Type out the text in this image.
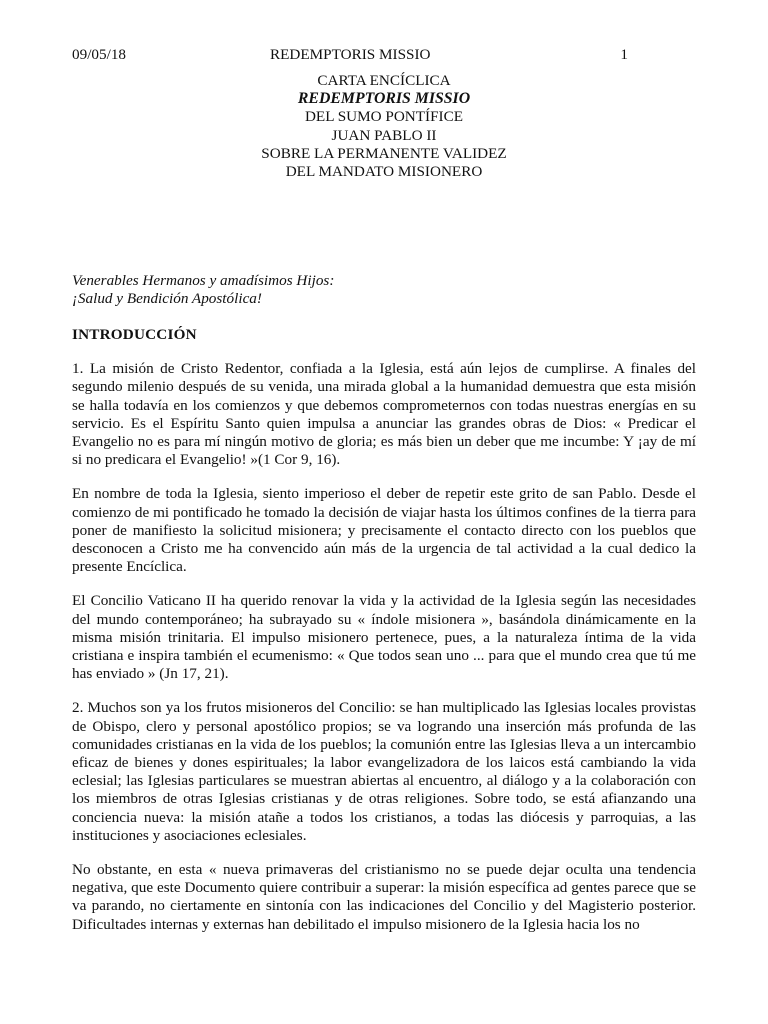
09/05/18	REDEMPTORIS MISSIO	1
CARTA ENCÍCLICA
REDEMPTORIS MISSIO
DEL SUMO PONTÍFICE
JUAN PABLO II
SOBRE LA PERMANENTE VALIDEZ
DEL MANDATO MISIONERO
Venerables Hermanos y amadísimos Hijos:
¡Salud y Bendición Apostólica!
INTRODUCCIÓN

1. La misión de Cristo Redentor, confiada a la Iglesia, está aún lejos de cumplirse. A finales del segundo milenio después de su venida, una mirada global a la humanidad demuestra que esta misión se halla todavía en los comienzos y que debemos comprometernos con todas nuestras energías en su servicio. Es el Espíritu Santo quien impulsa a anunciar las grandes obras de Dios: « Predicar el Evangelio no es para mí ningún motivo de gloria; es más bien un deber que me incumbe: Y ¡ay de mí si no predicara el Evangelio! »(1 Cor 9, 16).

En nombre de toda la Iglesia, siento imperioso el deber de repetir este grito de san Pablo. Desde el comienzo de mi pontificado he tomado la decisión de viajar hasta los últimos confines de la tierra para poner de manifiesto la solicitud misionera; y precisamente el contacto directo con los pueblos que desconocen a Cristo me ha convencido aún más de la urgencia de tal actividad a la cual dedico la presente Encíclica.

El Concilio Vaticano II ha querido renovar la vida y la actividad de la Iglesia según las necesidades del mundo contemporáneo; ha subrayado su « índole misionera », basándola dinámicamente en la misma misión trinitaria. El impulso misionero pertenece, pues, a la naturaleza íntima de la vida cristiana e inspira también el ecumenismo: « Que todos sean uno ... para que el mundo crea que tú me has enviado » (Jn 17, 21).

2. Muchos son ya los frutos misioneros del Concilio: se han multiplicado las Iglesias locales provistas de Obispo, clero y personal apostólico propios; se va logrando una inserción más profunda de las comunidades cristianas en la vida de los pueblos; la comunión entre las Iglesias lleva a un intercambio eficaz de bienes y dones espirituales; la labor evangelizadora de los laicos está cambiando la vida eclesial; las Iglesias particulares se muestran abiertas al encuentro, al diálogo y a la colaboración con los miembros de otras Iglesias cristianas y de otras religiones. Sobre todo, se está afianzando una conciencia nueva: la misión atañe a todos los cristianos, a todas las diócesis y parroquias, a las instituciones y asociaciones eclesiales.

No obstante, en esta « nueva primaveras del cristianismo no se puede dejar oculta una tendencia negativa, que este Documento quiere contribuir a superar: la misión específica ad gentes parece que se va parando, no ciertamente en sintonía con las indicaciones del Concilio y del Magisterio posterior. Dificultades internas y externas han debilitado el impulso misionero de la Iglesia hacia los no
